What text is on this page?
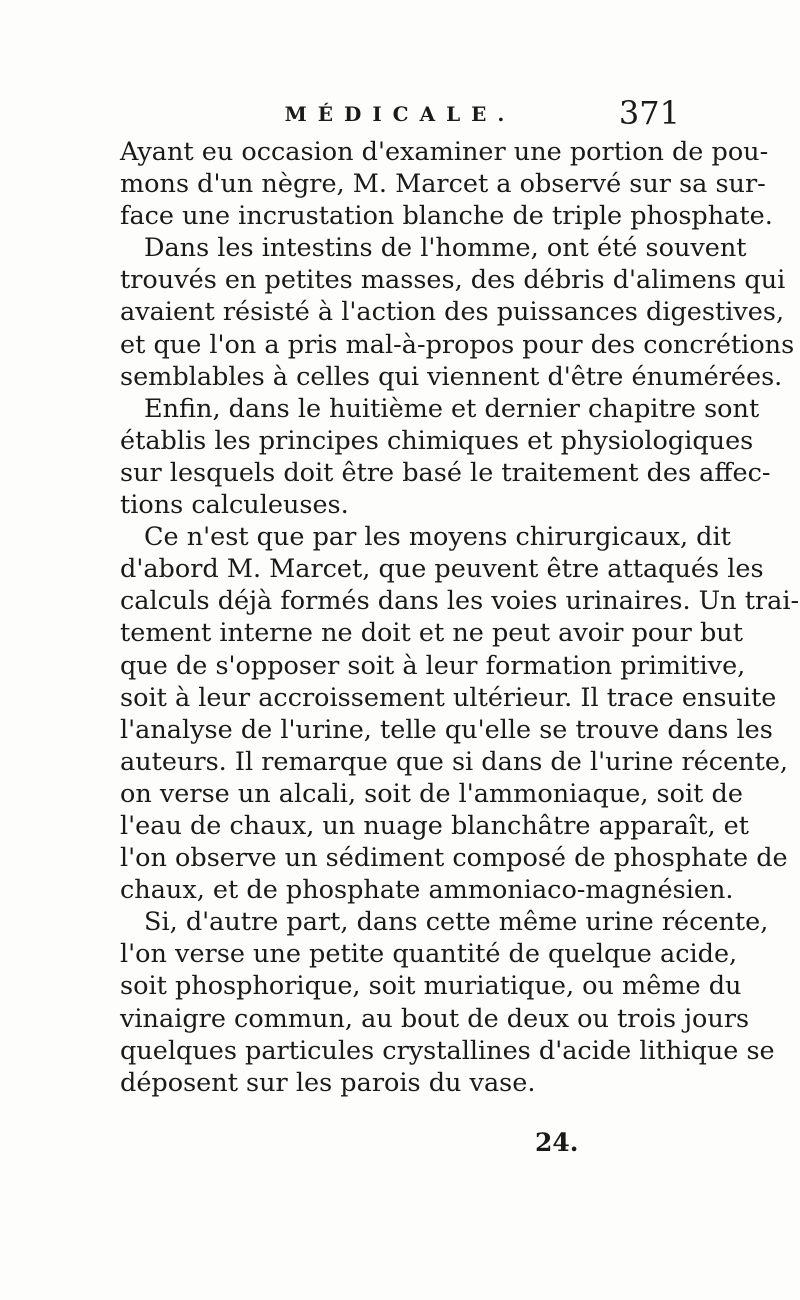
MÉDICALE.	371
Ayant eu occasion d'examiner une portion de pou-
mons d'un nègre, M. Marcet a observé sur sa sur-
face une incrustation blanche de triple phosphate.
Dans les intestins de l'homme, ont été souvent
trouvés en petites masses, des débris d'alimens qui
avaient résisté à l'action des puissances digestives,
et que l'on a pris mal-à-propos pour des concrétions
semblables à celles qui viennent d'être énumérées.
Enfin, dans le huitième et dernier chapitre sont
établis les principes chimiques et physiologiques
sur lesquels doit être basé le traitement des affec-
tions calculeuses.
Ce n'est que par les moyens chirurgicaux, dit
d'abord M. Marcet, que peuvent être attaqués les
calculs déjà formés dans les voies urinaires. Un trai-
tement interne ne doit et ne peut avoir pour but
que de s'opposer soit à leur formation primitive,
soit à leur accroissement ultérieur. Il trace ensuite
l'analyse de l'urine, telle qu'elle se trouve dans les
auteurs. Il remarque que si dans de l'urine récente,
on verse un alcali, soit de l'ammoniaque, soit de
l'eau de chaux, un nuage blanchâtre apparaît, et
l'on observe un sédiment composé de phosphate de
chaux, et de phosphate ammoniaco-magnésien.
Si, d'autre part, dans cette même urine récente,
l'on verse une petite quantité de quelque acide,
soit phosphorique, soit muriatique, ou même du
vinaigre commun, au bout de deux ou trois jours
quelques particules crystallines d'acide lithique se
déposent sur les parois du vase.
24.
